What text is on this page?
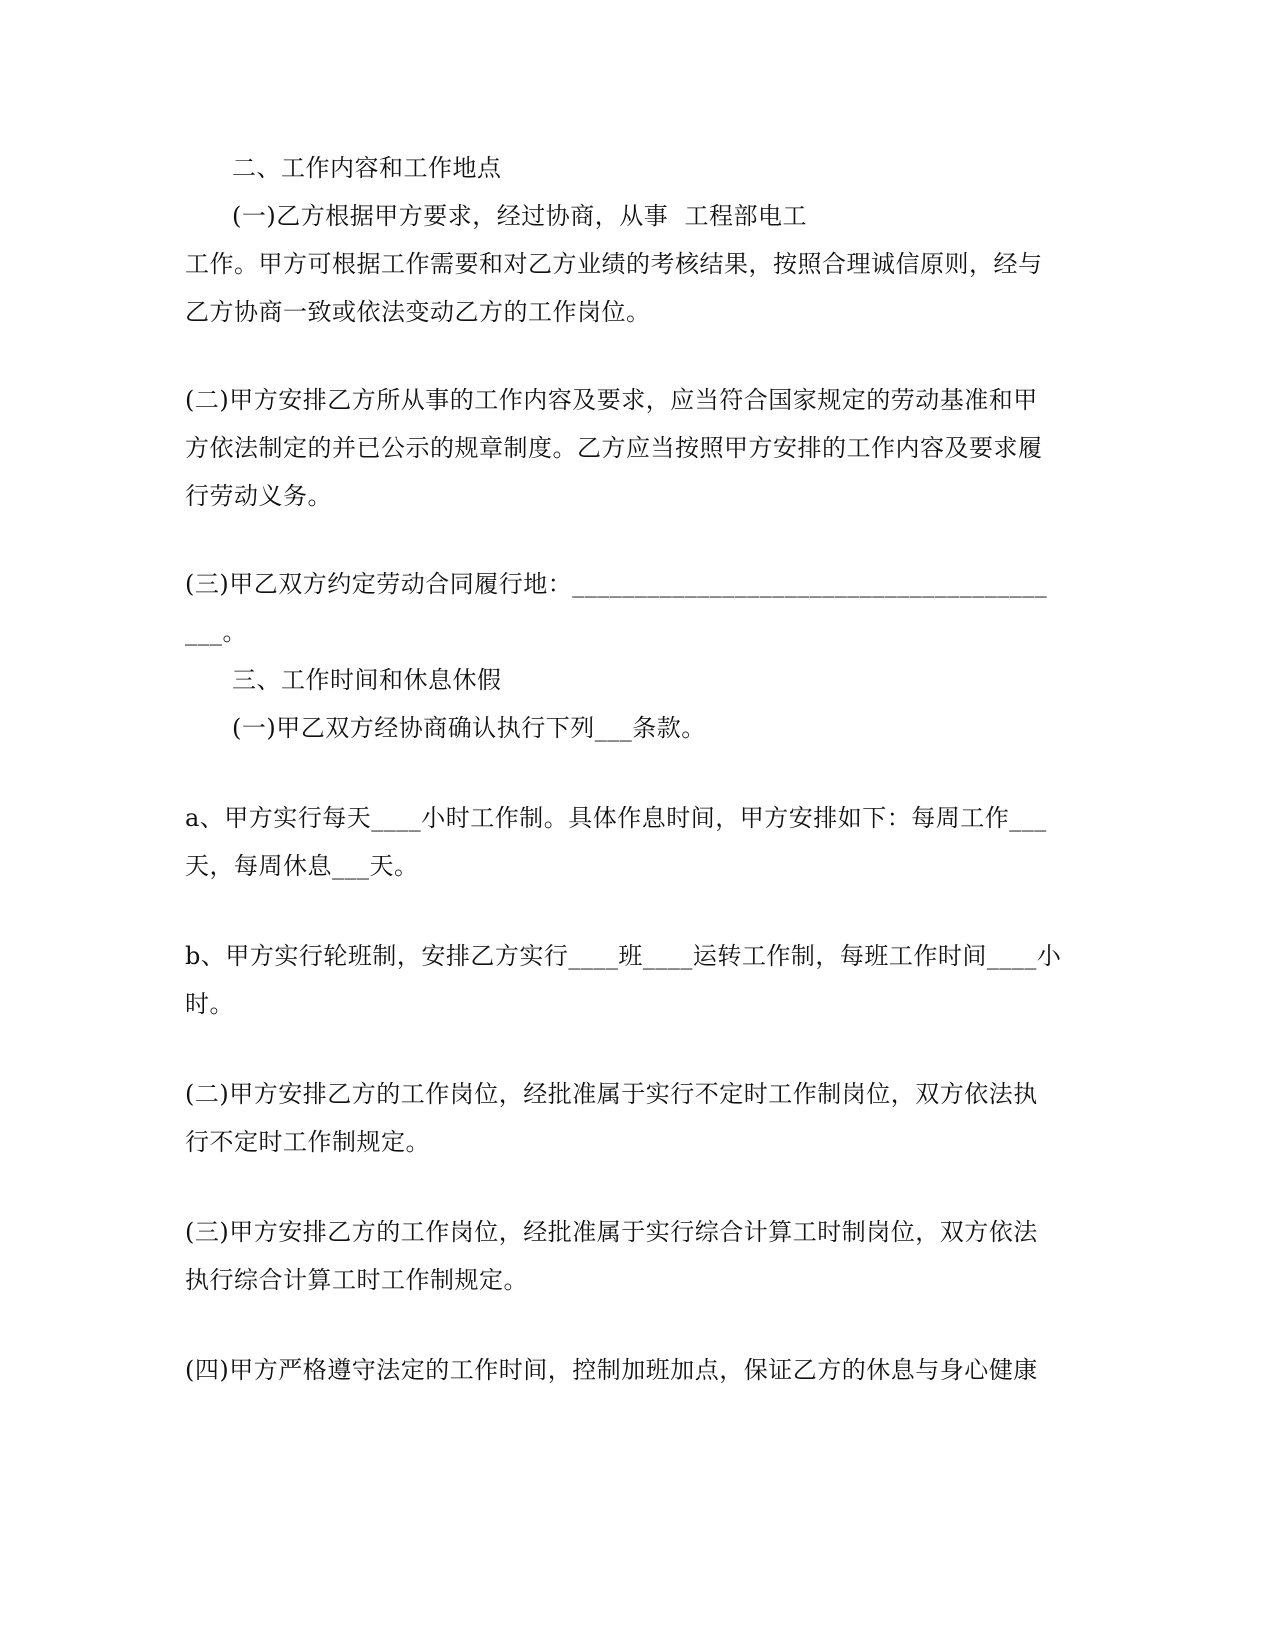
二、工作内容和工作地点
(一)乙方根据甲方要求，经过协商，从事  工程部电工
工作。甲方可根据工作需要和对乙方业绩的考核结果，按照合理诚信原则，经与
乙方协商一致或依法变动乙方的工作岗位。
(二)甲方安排乙方所从事的工作内容及要求，应当符合国家规定的劳动基准和甲
方依法制定的并已公示的规章制度。乙方应当按照甲方安排的工作内容及要求履
行劳动义务。
(三)甲乙双方约定劳动合同履行地：______________________________________
___。
三、工作时间和休息休假
(一)甲乙双方经协商确认执行下列___条款。
a、甲方实行每天____小时工作制。具体作息时间，甲方安排如下：每周工作___
天，每周休息___天。
b、甲方实行轮班制，安排乙方实行____班____运转工作制，每班工作时间____小
时。
(二)甲方安排乙方的工作岗位，经批准属于实行不定时工作制岗位，双方依法执
行不定时工作制规定。
(三)甲方安排乙方的工作岗位，经批准属于实行综合计算工时制岗位，双方依法
执行综合计算工时工作制规定。
(四)甲方严格遵守法定的工作时间，控制加班加点，保证乙方的休息与身心健康
